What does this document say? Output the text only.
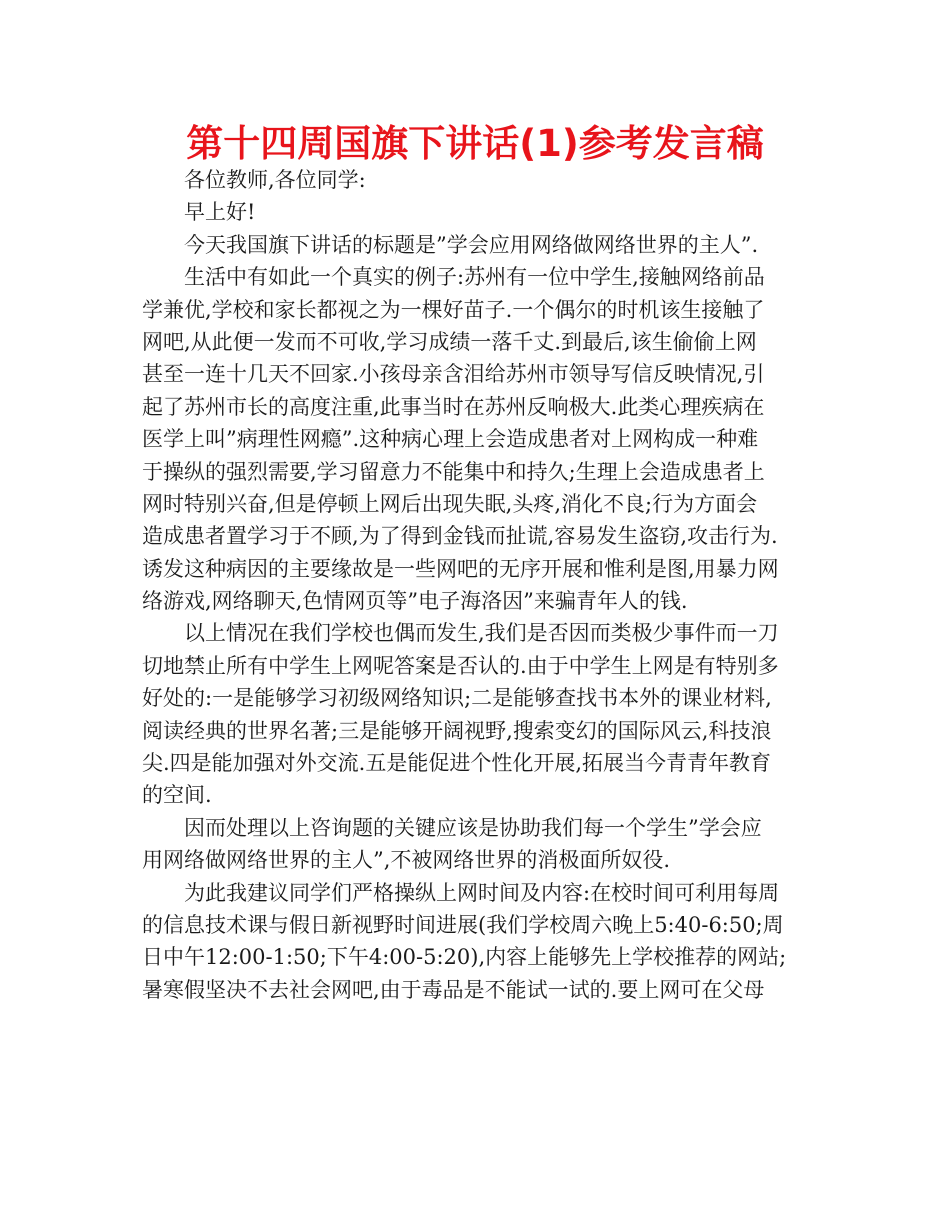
第十四周国旗下讲话(1)参考发言稿
各位教师,各位同学:
早上好!
今天我国旗下讲话的标题是”学会应用网络做网络世界的主人”.
生活中有如此一个真实的例子:苏州有一位中学生,接触网络前品
学兼优,学校和家长都视之为一棵好苗子.一个偶尔的时机该生接触了
网吧,从此便一发而不可收,学习成绩一落千丈.到最后,该生偷偷上网
甚至一连十几天不回家.小孩母亲含泪给苏州市领导写信反映情况,引
起了苏州市长的高度注重,此事当时在苏州反响极大.此类心理疾病在
医学上叫”病理性网瘾”.这种病心理上会造成患者对上网构成一种难
于操纵的强烈需要,学习留意力不能集中和持久;生理上会造成患者上
网时特别兴奋,但是停顿上网后出现失眠,头疼,消化不良;行为方面会
造成患者置学习于不顾,为了得到金钱而扯谎,容易发生盗窃,攻击行为.
诱发这种病因的主要缘故是一些网吧的无序开展和惟利是图,用暴力网
络游戏,网络聊天,色情网页等”电子海洛因”来骗青年人的钱.
以上情况在我们学校也偶而发生,我们是否因而类极少事件而一刀
切地禁止所有中学生上网呢答案是否认的.由于中学生上网是有特别多
好处的:一是能够学习初级网络知识;二是能够查找书本外的课业材料,
阅读经典的世界名著;三是能够开阔视野,搜索变幻的国际风云,科技浪
尖.四是能加强对外交流.五是能促进个性化开展,拓展当今青青年教育
的空间.
因而处理以上咨询题的关键应该是协助我们每一个学生”学会应
用网络做网络世界的主人”,不被网络世界的消极面所奴役.
为此我建议同学们严格操纵上网时间及内容:在校时间可利用每周
的信息技术课与假日新视野时间进展(我们学校周六晚上5:40-6:50;周
日中午12:00-1:50;下午4:00-5:20),内容上能够先上学校推荐的网站;
暑寒假坚决不去社会网吧,由于毒品是不能试一试的.要上网可在父母
